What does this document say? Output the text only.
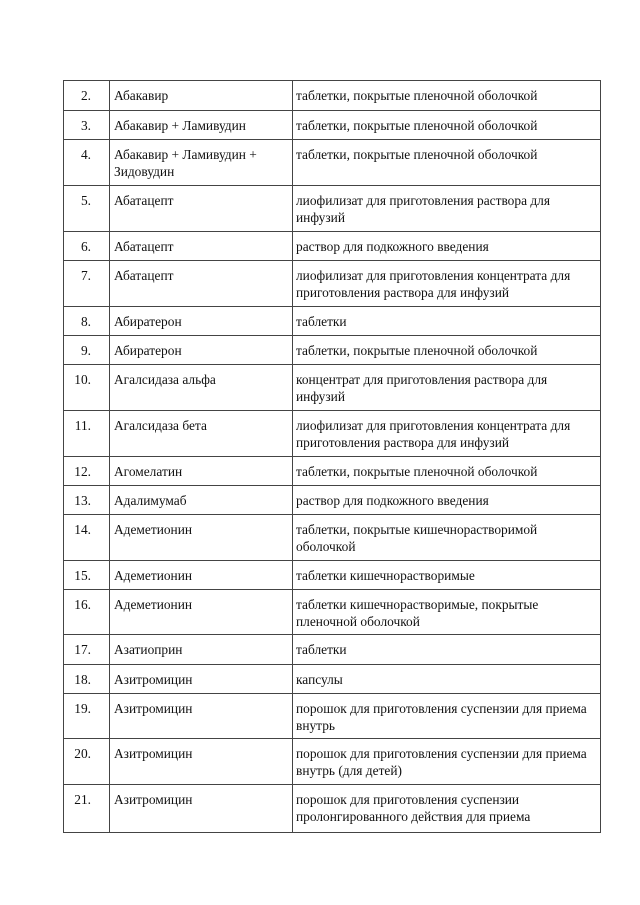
2.	Абакавир	таблетки, покрытые пленочной оболочкой

3.	Абакавир + Ламивудин	таблетки, покрытые пленочной оболочкой

4.	Абакавир + Ламивудин + Зидовудин	таблетки, покрытые пленочной оболочкой

5.	Абатацепт	лиофилизат для приготовления раствора для инфузий

6.	Абатацепт	раствор для подкожного введения

7.	Абатацепт	лиофилизат для приготовления концентрата для приготовления раствора для инфузий

8.	Абиратерон	таблетки

9.	Абиратерон	таблетки, покрытые пленочной оболочкой

10.	Агалсидаза альфа	концентрат для приготовления раствора для инфузий

11.	Агалсидаза бета	лиофилизат для приготовления концентрата для приготовления раствора для инфузий

12.	Агомелатин	таблетки, покрытые пленочной оболочкой

13.	Адалимумаб	раствор для подкожного введения

14.	Адеметионин	таблетки, покрытые кишечнорастворимой оболочкой

15.	Адеметионин	таблетки кишечнорастворимые

16.	Адеметионин	таблетки кишечнорастворимые, покрытые пленочной оболочкой

17.	Азатиоприн	таблетки

18.	Азитромицин	капсулы

19.	Азитромицин	порошок для приготовления суспензии для приема внутрь

20.	Азитромицин	порошок для приготовления суспензии для приема внутрь (для детей)

21.	Азитромицин	порошок для приготовления суспензии пролонгированного действия для приема
